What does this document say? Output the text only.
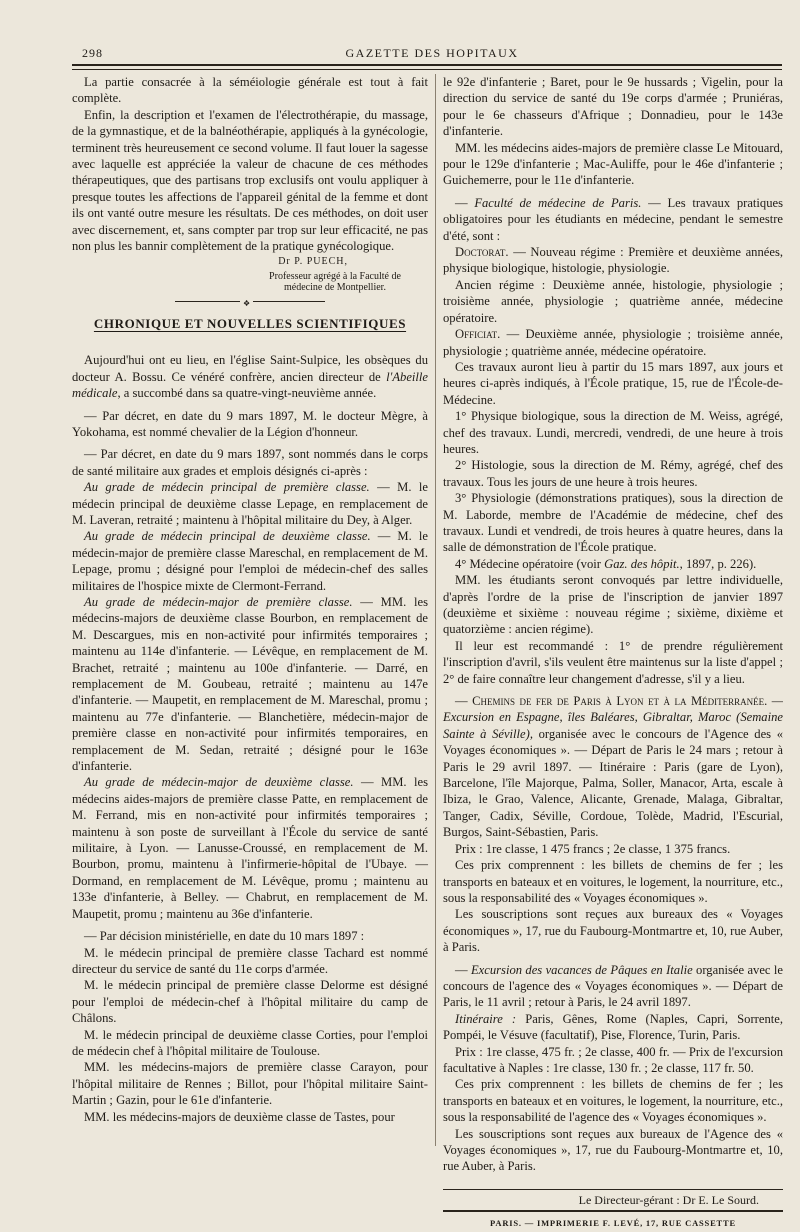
298	GAZETTE DES HOPITAUX

La partie consacrée à la séméiologie générale est tout à fait complète.

Enfin, la description et l'examen de l'électrothérapie, du massage, de la gymnastique, et de la balnéothérapie, appliqués à la gynécologie, terminent très heureusement ce second volume. Il faut louer la sagesse avec laquelle est appréciée la valeur de chacune de ces méthodes thérapeutiques, que des partisans trop exclusifs ont voulu appliquer à presque toutes les affections de l'appareil génital de la femme et dont ils ont vanté outre mesure les résultats. De ces méthodes, on doit user avec discernement, et, sans compter par trop sur leur efficacité, ne pas non plus les bannir complètement de la pratique gynécologique.

Dr P. PUECH,
Professeur agrégé à la Faculté de
médecine de Montpellier.
❖
CHRONIQUE ET NOUVELLES SCIENTIFIQUES

Aujourd'hui ont eu lieu, en l'église Saint-Sulpice, les obsèques du docteur A. Bossu. Ce vénéré confrère, ancien directeur de l'Abeille médicale, a succombé dans sa quatre-vingt-neuvième année.

— Par décret, en date du 9 mars 1897, M. le docteur Mègre, à Yokohama, est nommé chevalier de la Légion d'honneur.

— Par décret, en date du 9 mars 1897, sont nommés dans le corps de santé militaire aux grades et emplois désignés ci-après :

Au grade de médecin principal de première classe. — M. le médecin principal de deuxième classe Lepage, en remplacement de M. Laveran, retraité ; maintenu à l'hôpital militaire du Dey, à Alger.

Au grade de médecin principal de deuxième classe. — M. le médecin-major de première classe Mareschal, en remplacement de M. Lepage, promu ; désigné pour l'emploi de médecin-chef des salles militaires de l'hospice mixte de Clermont-Ferrand.

Au grade de médecin-major de première classe. — MM. les médecins-majors de deuxième classe Bourbon, en remplacement de M. Descargues, mis en non-activité pour infirmités temporaires ; maintenu au 114e d'infanterie. — Lévêque, en remplacement de M. Brachet, retraité ; maintenu au 100e d'infanterie. — Darré, en remplacement de M. Goubeau, retraité ; maintenu au 147e d'infanterie. — Maupetit, en remplacement de M. Mareschal, promu ; maintenu au 77e d'infanterie. — Blanchetière, médecin-major de première classe en non-activité pour infirmités temporaires, en remplacement de M. Sedan, retraité ; désigné pour le 163e d'infanterie.

Au grade de médecin-major de deuxième classe. — MM. les médecins aides-majors de première classe Patte, en remplacement de M. Ferrand, mis en non-activité pour infirmités temporaires ; maintenu à son poste de surveillant à l'École du service de santé militaire, à Lyon. — Lanusse-Croussé, en remplacement de M. Bourbon, promu, maintenu à l'infirmerie-hôpital de l'Ubaye. — Dormand, en remplacement de M. Lévêque, promu ; maintenu au 133e d'infanterie, à Belley. — Chabrut, en remplacement de M. Maupetit, promu ; maintenu au 36e d'infanterie.

— Par décision ministérielle, en date du 10 mars 1897 :

M. le médecin principal de première classe Tachard est nommé directeur du service de santé du 11e corps d'armée.

M. le médecin principal de première classe Delorme est désigné pour l'emploi de médecin-chef à l'hôpital militaire du camp de Châlons.

M. le médecin principal de deuxième classe Corties, pour l'emploi de médecin chef à l'hôpital militaire de Toulouse.

MM. les médecins-majors de première classe Carayon, pour l'hôpital militaire de Rennes ; Billot, pour l'hôpital militaire Saint-Martin ; Gazin, pour le 61e d'infanterie.

MM. les médecins-majors de deuxième classe de Tastes, pour

le 92e d'infanterie ; Baret, pour le 9e hussards ; Vigelin, pour la direction du service de santé du 19e corps d'armée ; Pruniéras, pour le 6e chasseurs d'Afrique ; Donnadieu, pour le 143e d'infanterie.

MM. les médecins aides-majors de première classe Le Mitouard, pour le 129e d'infanterie ; Mac-Auliffe, pour le 46e d'infanterie ; Guichemerre, pour le 11e d'infanterie.

— Faculté de médecine de Paris. — Les travaux pratiques obligatoires pour les étudiants en médecine, pendant le semestre d'été, sont :

Doctorat. — Nouveau régime : Première et deuxième années, physique biologique, histologie, physiologie.

Ancien régime : Deuxième année, histologie, physiologie ; troisième année, physiologie ; quatrième année, médecine opératoire.

Officiat. — Deuxième année, physiologie ; troisième année, physiologie ; quatrième année, médecine opératoire.

Ces travaux auront lieu à partir du 15 mars 1897, aux jours et heures ci-après indiqués, à l'École pratique, 15, rue de l'École-de-Médecine.

1° Physique biologique, sous la direction de M. Weiss, agrégé, chef des travaux. Lundi, mercredi, vendredi, de une heure à trois heures.

2° Histologie, sous la direction de M. Rémy, agrégé, chef des travaux. Tous les jours de une heure à trois heures.

3° Physiologie (démonstrations pratiques), sous la direction de M. Laborde, membre de l'Académie de médecine, chef des travaux. Lundi et vendredi, de trois heures à quatre heures, dans la salle de démonstration de l'École pratique.

4° Médecine opératoire (voir Gaz. des hôpit., 1897, p. 226).

MM. les étudiants seront convoqués par lettre individuelle, d'après l'ordre de la prise de l'inscription de janvier 1897 (deuxième et sixième : nouveau régime ; sixième, dixième et quatorzième : ancien régime).

Il leur est recommandé : 1° de prendre régulièrement l'inscription d'avril, s'ils veulent être maintenus sur la liste d'appel ; 2° de faire connaître leur changement d'adresse, s'il y a lieu.

— Chemins de fer de Paris à Lyon et à la Méditerranée. — Excursion en Espagne, îles Baléares, Gibraltar, Maroc (Semaine Sainte à Séville), organisée avec le concours de l'Agence des « Voyages économiques ». — Départ de Paris le 24 mars ; retour à Paris le 29 avril 1897. — Itinéraire : Paris (gare de Lyon), Barcelone, l'île Majorque, Palma, Soller, Manacor, Arta, escale à Ibiza, le Grao, Valence, Alicante, Grenade, Malaga, Gibraltar, Tanger, Cadix, Séville, Cordoue, Tolède, Madrid, l'Escurial, Burgos, Saint-Sébastien, Paris.

Prix : 1re classe, 1 475 francs ; 2e classe, 1 375 francs.

Ces prix comprennent : les billets de chemins de fer ; les transports en bateaux et en voitures, le logement, la nourriture, etc., sous la responsabilité des « Voyages économiques ».

Les souscriptions sont reçues aux bureaux des « Voyages économiques », 17, rue du Faubourg-Montmartre et, 10, rue Auber, à Paris.

— Excursion des vacances de Pâques en Italie organisée avec le concours de l'agence des « Voyages économiques ». — Départ de Paris, le 11 avril ; retour à Paris, le 24 avril 1897.

Itinéraire : Paris, Gênes, Rome (Naples, Capri, Sorrente, Pompéi, le Vésuve (facultatif), Pise, Florence, Turin, Paris.

Prix : 1re classe, 475 fr. ; 2e classe, 400 fr. — Prix de l'excursion facultative à Naples : 1re classe, 130 fr. ; 2e classe, 117 fr. 50.

Ces prix comprennent : les billets de chemins de fer ; les transports en bateaux et en voitures, le logement, la nourriture, etc., sous la responsabilité de l'agence des « Voyages économiques ».

Les souscriptions sont reçues aux bureaux de l'Agence des « Voyages économiques », 17, rue du Faubourg-Montmartre et, 10, rue Auber, à Paris.

Le Directeur-gérant : Dr E. Le Sourd.
PARIS. — IMPRIMERIE F. LEVÉ, 17, RUE CASSETTE
